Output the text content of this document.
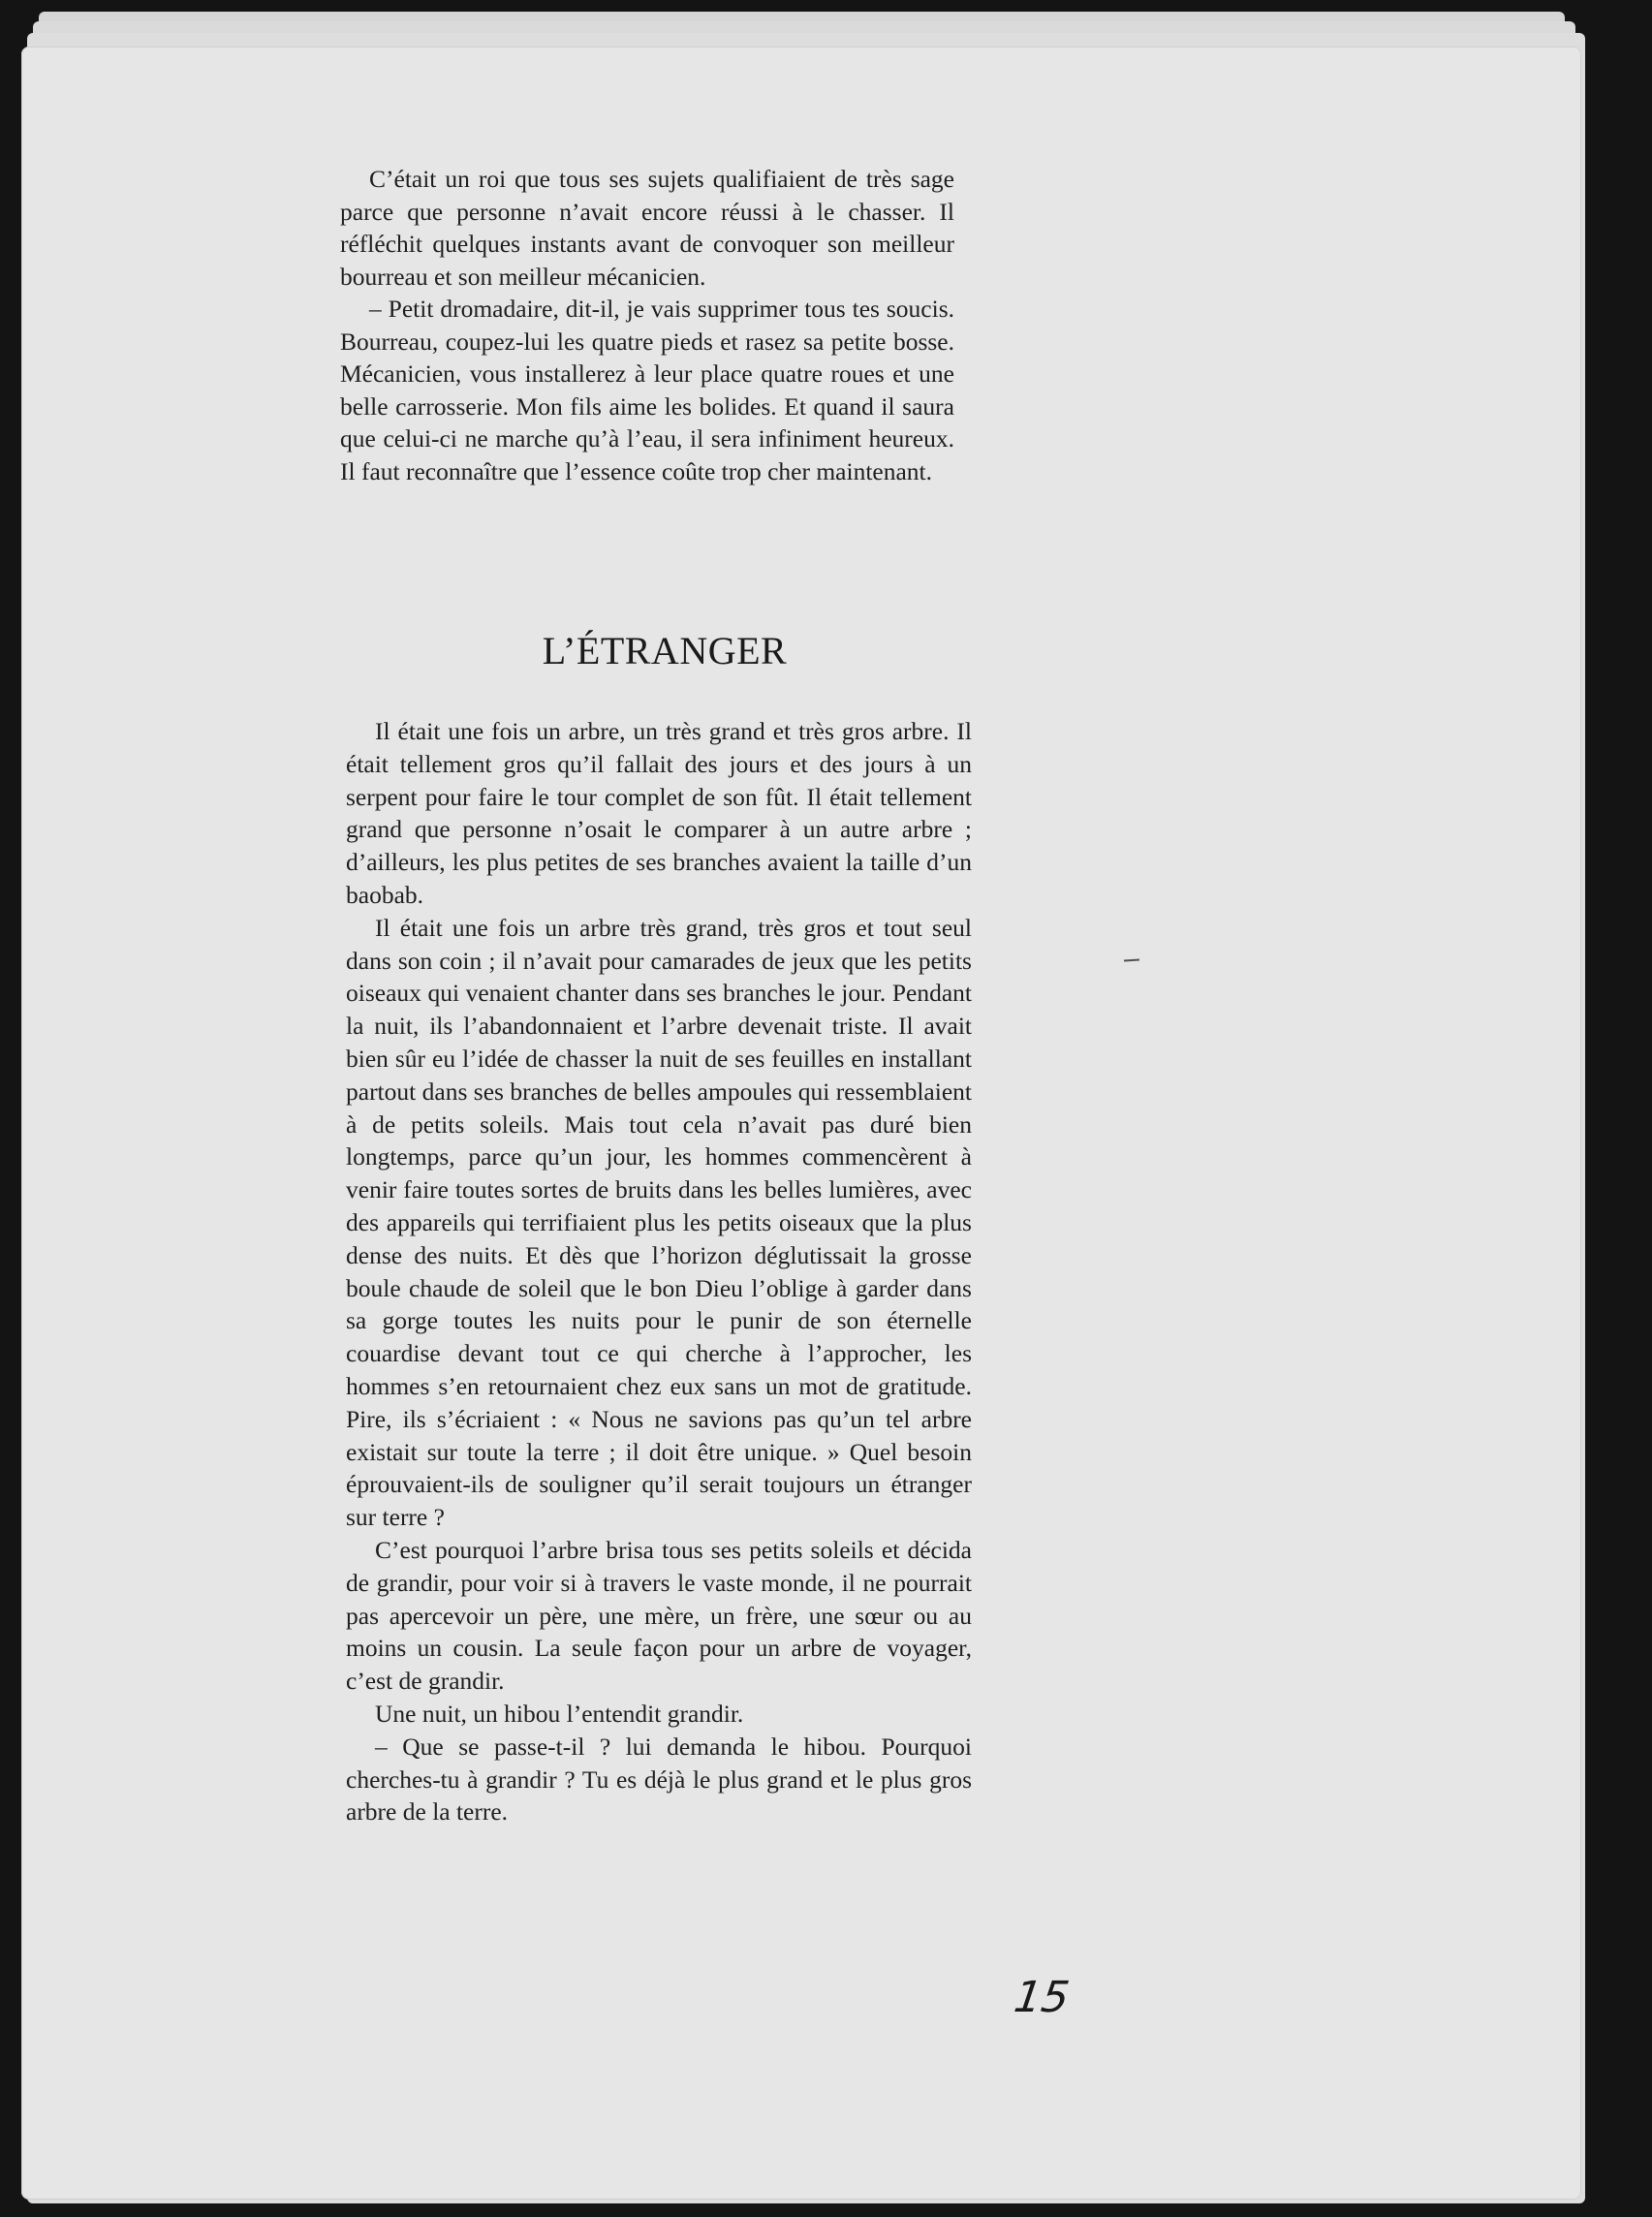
C’était un roi que tous ses sujets qualifiaient de très sage parce que personne n’avait encore réussi à le chasser. Il réfléchit quelques instants avant de convoquer son meilleur bourreau et son meilleur mécanicien.

– Petit dromadaire, dit-il, je vais supprimer tous tes soucis. Bourreau, coupez-lui les quatre pieds et rasez sa petite bosse. Mécanicien, vous installerez à leur place quatre roues et une belle carrosserie. Mon fils aime les bolides. Et quand il saura que celui-ci ne marche qu’à l’eau, il sera infiniment heureux. Il faut reconnaître que l’essence coûte trop cher maintenant.

L’ÉTRANGER

Il était une fois un arbre, un très grand et très gros arbre. Il était tellement gros qu’il fallait des jours et des jours à un serpent pour faire le tour complet de son fût. Il était tellement grand que personne n’osait le comparer à un autre arbre ; d’ailleurs, les plus petites de ses branches avaient la taille d’un baobab.

Il était une fois un arbre très grand, très gros et tout seul dans son coin ; il n’avait pour camarades de jeux que les petits oiseaux qui venaient chanter dans ses branches le jour. Pendant la nuit, ils l’abandonnaient et l’arbre devenait triste. Il avait bien sûr eu l’idée de chasser la nuit de ses feuilles en installant partout dans ses branches de belles ampoules qui ressemblaient à de petits soleils. Mais tout cela n’avait pas duré bien longtemps, parce qu’un jour, les hommes commencèrent à venir faire toutes sortes de bruits dans les belles lumières, avec des appareils qui terrifiaient plus les petits oiseaux que la plus dense des nuits. Et dès que l’horizon déglutissait la grosse boule chaude de soleil que le bon Dieu l’oblige à garder dans sa gorge toutes les nuits pour le punir de son éternelle couardise devant tout ce qui cherche à l’approcher, les hommes s’en retournaient chez eux sans un mot de gratitude. Pire, ils s’écriaient : « Nous ne savions pas qu’un tel arbre existait sur toute la terre ; il doit être unique. » Quel besoin éprouvaient-ils de souligner qu’il serait toujours un étranger sur terre ?

C’est pourquoi l’arbre brisa tous ses petits soleils et décida de grandir, pour voir si à travers le vaste monde, il ne pourrait pas apercevoir un père, une mère, un frère, une sœur ou au moins un cousin. La seule façon pour un arbre de voyager, c’est de grandir.

Une nuit, un hibou l’entendit grandir.

– Que se passe-t-il ? lui demanda le hibou. Pourquoi cherches-tu à grandir ? Tu es déjà le plus grand et le plus gros arbre de la terre.

15
